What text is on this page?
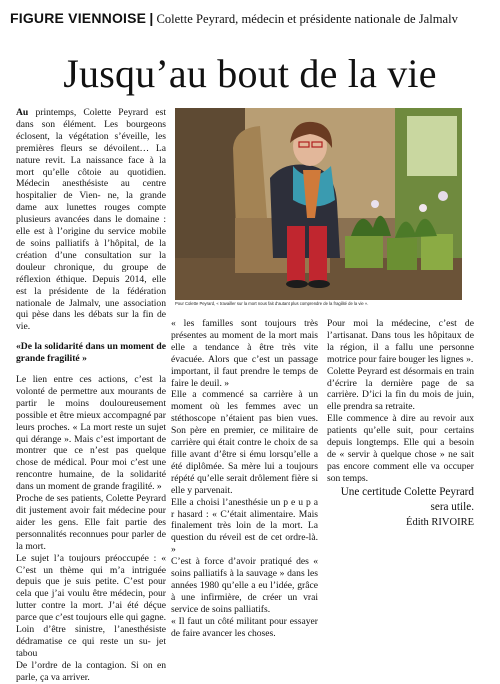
FIGURE VIENNOISE | Colette Peyrard, médecin et présidente nationale de Jalmalv
Jusqu’au bout de la vie

Au printemps, Colette Peyrard est dans son élément. Les bourgeons éclosent, la végétation s’éveille, les premières fleurs se dévoilent… La nature revit. La naissance face à la mort qu’elle côtoie au quotidien. Médecin anesthésiste au centre hospitalier de Vien- ne, la grande dame aux lunettes rouges compte plusieurs avancées dans le domaine : elle est à l’origine du service mobile de soins palliatifs à l’hôpital, de la création d’une consultation sur la douleur chronique, du groupe de réflexion éthique. Depuis 2014, elle est la présidente de la fédération nationale de Jalmalv, une association qui pèse dans les débats sur la fin de vie.

«De la solidarité dans un moment de grande fragilité »

Le lien entre ces actions, c’est la volonté de permettre aux mourants de partir le moins douloureusement possible et être mieux accompagné par leurs proches. « La mort reste un sujet qui dérange ». Mais c’est important de montrer que ce n’est pas quelque chose de médical. Pour moi c’est une rencontre humaine, de la solidarité dans un moment de grande fragilité. »

Proche de ses patients, Colette Peyrard dit justement avoir fait médecine pour aider les gens. Elle fait partie des personnalités reconnues pour parler de la mort.

Le sujet l’a toujours préoccupée : « C’est un thème qui m’a intriguée depuis que je suis petite. C’est pour cela que j’ai voulu être médecin, pour lutter contre la mort. J’ai été déçue parce que c’est toujours elle qui gagne. Loin d’être sinistre, l’anesthésiste dédramatise ce qui reste un su- jet tabou

De l’ordre de la contagion. Si on en parle, ça va arriver.

Pour Colette Peyrard, « travailler sur la mort nous fait d’autant plus comprendre de la fragilité de la vie ».

« les familles sont toujours très présentes au moment de la mort mais elle a tendance à être très vite évacuée. Alors que c’est un passage important, il faut prendre le temps de faire le deuil. »

Elle a commencé sa carrière à un moment où les femmes avec un stéthoscope n’étaient pas bien vues. Son père en premier, ce militaire de carrière qui était contre le choix de sa fille avant d’être si ému lorsqu’elle a été diplômée. Sa mère lui a toujours répété qu’elle serait drôlement fière si elle y parvenait.

Elle a choisi l’anesthésie un p e u p a r hasard : « C’était alimentaire. Mais finalement très loin de la mort. La question du réveil est de cet ordre-là. »

C’est à force d’avoir pratiqué des « soins palliatifs à la sauvage » dans les années 1980 qu’elle a eu l’idée, grâce à une infirmière, de créer un vrai service de soins palliatifs.

« Il faut un côté militant pour essayer de faire avancer les choses.

Pour moi la médecine, c’est de l’artisanat. Dans tous les hôpitaux de la région, il a fallu une personne motrice pour faire bouger les lignes ».

Colette Peyrard est désormais en train d’écrire la dernière page de sa carrière. D’ici la fin du mois de juin, elle prendra sa retraite.

Elle commence à dire au revoir aux patients qu’elle suit, pour certains depuis longtemps. Elle qui a besoin de « servir à quelque chose » ne sait pas encore comment elle va occuper son temps.

Une certitude Colette Peyrard sera utile.

Édith RIVOIRE
